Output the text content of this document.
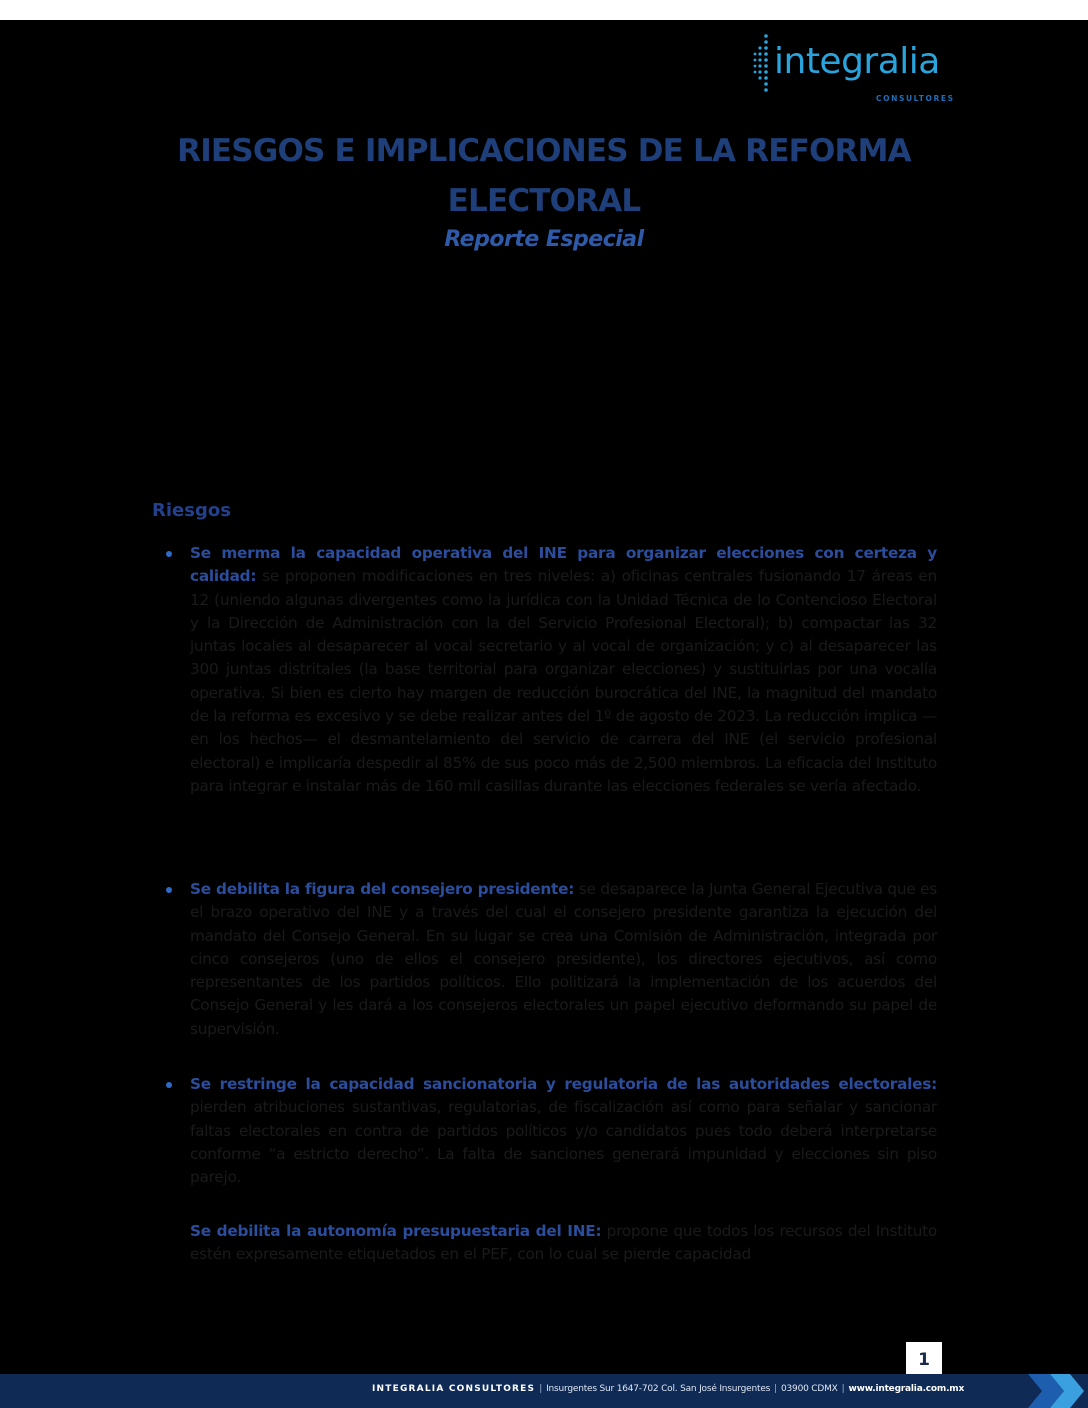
integralia
CONSULTORES
RIESGOS E IMPLICACIONES DE LA REFORMA
ELECTORAL
Reporte Especial
Riesgos
Se merma la capacidad operativa del INE para organizar elecciones con certeza y calidad: se proponen modificaciones en tres niveles: a) oficinas centrales fusionando 17 áreas en 12 (uniendo algunas divergentes como la jurídica con la Unidad Técnica de lo Contencioso Electoral y la Dirección de Administración con la del Servicio Profesional Electoral); b) compactar las 32 juntas locales al desaparecer al vocal secretario y al vocal de organización; y c) al desaparecer las 300 juntas distritales (la base territorial para organizar elecciones) y sustituirlas por una vocalía operativa. Si bien es cierto hay margen de reducción burocrática del INE, la magnitud del mandato de la reforma es excesivo y se debe realizar antes del 1º de agosto de 2023. La reducción implica —en los hechos— el desmantelamiento del servicio de carrera del INE (el servicio profesional electoral) e implicaría despedir al 85% de sus poco más de 2,500 miembros. La eficacia del Instituto para integrar e instalar más de 160 mil casillas durante las elecciones federales se vería afectado.
Se debilita la figura del consejero presidente: se desaparece la Junta General Ejecutiva que es el brazo operativo del INE y a través del cual el consejero presidente garantiza la ejecución del mandato del Consejo General. En su lugar se crea una Comisión de Administración, integrada por cinco consejeros (uno de ellos el consejero presidente), los directores ejecutivos, así como representantes de los partidos políticos. Ello politizará la implementación de los acuerdos del Consejo General y les dará a los consejeros electorales un papel ejecutivo deformando su papel de supervisión.
Se restringe la capacidad sancionatoria y regulatoria de las autoridades electorales: pierden atribuciones sustantivas, regulatorias, de fiscalización así como para señalar y sancionar faltas electorales en contra de partidos políticos y/o candidatos pues todo deberá interpretarse conforme “a estricto derecho”. La falta de sanciones generará impunidad y elecciones sin piso parejo.
Se debilita la autonomía presupuestaria del INE: propone que todos los recursos del Instituto estén expresamente etiquetados en el PEF, con lo cual se pierde capacidad
1
INTEGRALIA CONSULTORES | Insurgentes Sur 1647-702 Col. San José Insurgentes | 03900 CDMX | www.integralia.com.mx
